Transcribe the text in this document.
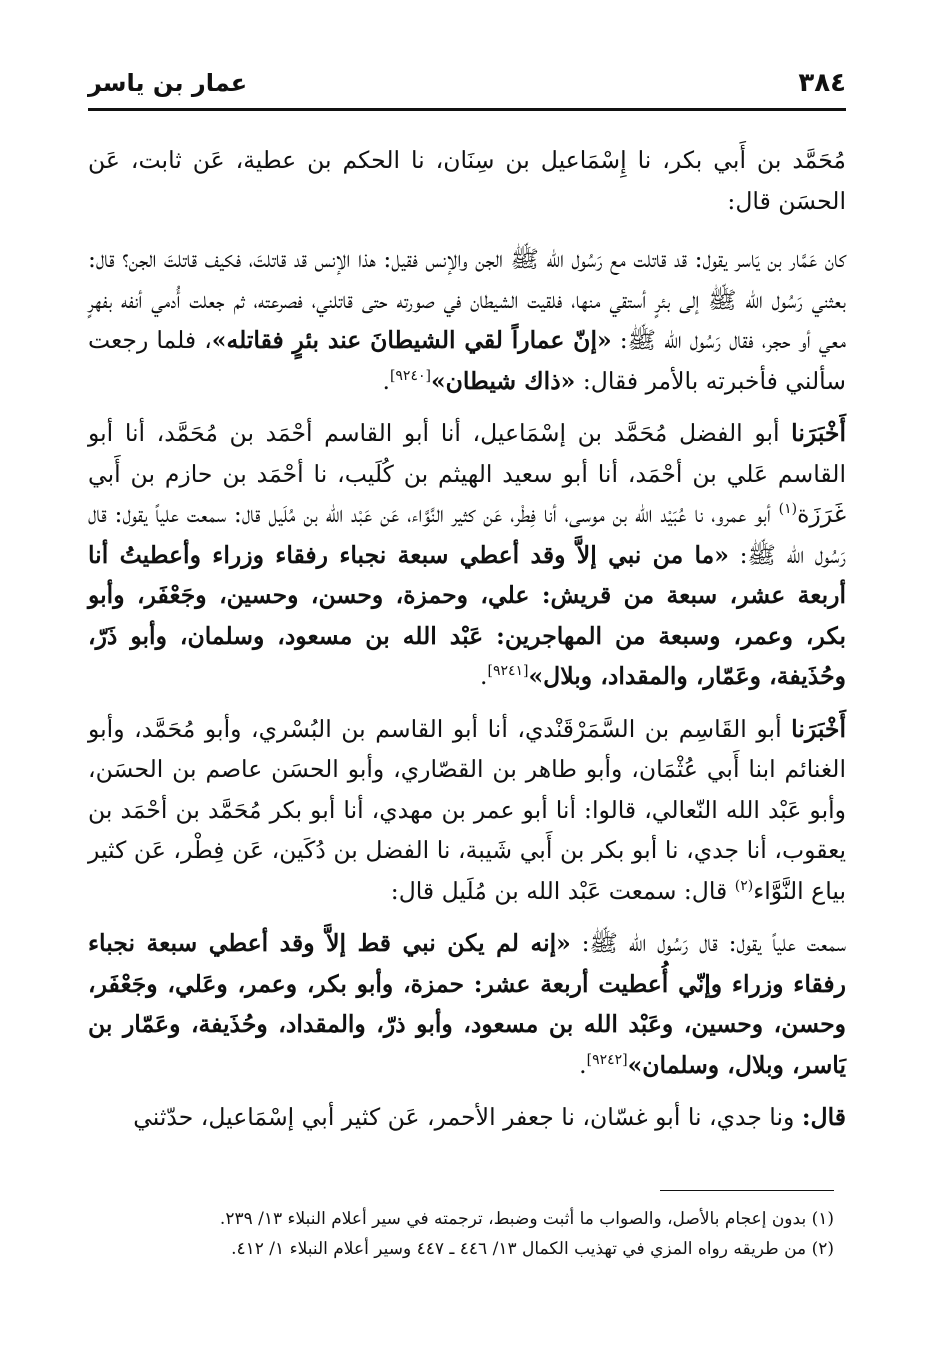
٣٨٤
عمار بن ياسر

مُحَمَّد بن أَبي بكر، نا إِسْمَاعيل بن سِنَان، نا الحكم بن عطية، عَن ثابت، عَن الحسَن قال:

كان عَمَّار بن يَاسر يقول: قد قاتلت مع رَسُول الله ﷺ الجن والإنس فقيل: هذا الإنس قد قاتلتَ، فكيف قاتلتَ الجن؟ قال: بعثني رَسُول الله ﷺ إلى بئرٍ أستقي منها، فلقيت الشيطان في صورته حتى قاتلني، فصرعته، ثم جعلت أُدمي أنفه بفهرٍ معي أو حجر، فقال رَسُول الله ﷺ: «إنّ عماراً لقي الشيطانَ عند بئرٍ فقاتله»، فلما رجعت سألني فأخبرته بالأمر فقال: «ذاك شيطان»[٩٢٤٠].

أَخْبَرَنا أبو الفضل مُحَمَّد بن إسْمَاعيل، أنا أبو القاسم أحْمَد بن مُحَمَّد، أنا أبو القاسم عَلي بن أحْمَد، أنا أبو سعيد الهيثم بن كُلَيب، نا أحْمَد بن حازم بن أَبي غَرَزَة$^{(١)}$ أبو عمرو، نا عُبَيْد الله بن موسى، أنا فِطْر، عَن كثير النَّوَّاء، عَن عَبْد الله بن مُلَيل قال: سمعت علياً يقول: قال رَسُول الله ﷺ: «ما من نبي إلاَّ وقد أعطي سبعة نجباء رفقاء وزراء وأعطيتُ أنا أربعة عشر، سبعة من قريش: علي، وحمزة، وحسن، وحسين، وجَعْفَر، وأبو بكر، وعمر، وسبعة من المهاجرين: عَبْد الله بن مسعود، وسلمان، وأبو ذَرّ، وحُذَيفة، وعَمّار، والمقداد، وبلال»[٩٢٤١].

أَخْبَرَنا أبو القَاسِم بن السَّمَرْقَنْدي، أنا أبو القاسم بن البُسْري، وأبو مُحَمَّد، وأبو الغنائم ابنا أَبي عُثْمَان، وأبو طاهر بن القصّاري، وأبو الحسَن عاصم بن الحسَن، وأبو عَبْد الله النّعالي، قالوا: أنا أبو عمر بن مهدي، أنا أبو بكر مُحَمَّد بن أحْمَد بن يعقوب، أنا جدي، نا أبو بكر بن أَبي شَيبة، نا الفضل بن دُكَين، عَن فِطْر، عَن كثير بياع النَّوَّاء$^{(٢)}$ قال: سمعت عَبْد الله بن مُلَيل قال:

سمعت علياً يقول: قال رَسُول الله ﷺ: «إنه لم يكن نبي قط إلاَّ وقد أعطي سبعة نجباء رفقاء وزراء وإنّي أُعطيت أربعة عشر: حمزة، وأبو بكر، وعمر، وعَلي، وجَعْفَر، وحسن، وحسين، وعَبْد الله بن مسعود، وأبو ذرّ، والمقداد، وحُذَيفة، وعَمّار بن يَاسر، وبلال، وسلمان»[٩٢٤٢].

قال: ونا جدي، نا أبو غسّان، نا جعفر الأحمر، عَن كثير أبي إسْمَاعيل، حدّثني

(١) بدون إعجام بالأصل، والصواب ما أثبت وضبط، ترجمته في سير أعلام النبلاء ١٣/ ٢٣٩.
(٢) من طريقه رواه المزي في تهذيب الكمال ١٣/ ٤٤٦ ـ ٤٤٧ وسير أعلام النبلاء ١/ ٤١٢.
